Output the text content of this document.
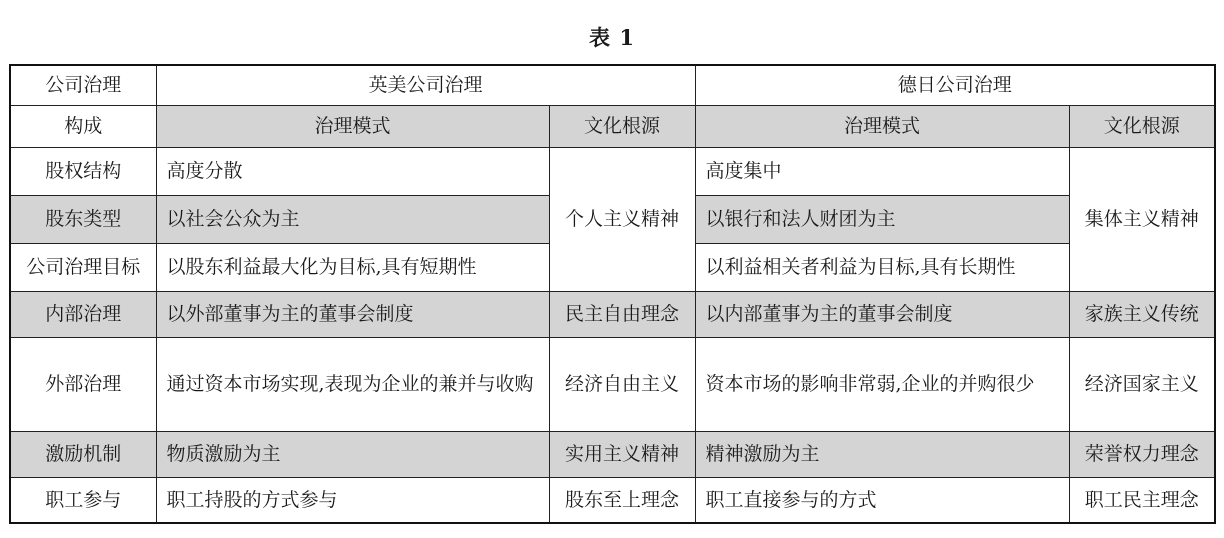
表 1
公司治理	英美公司治理		德日公司治理	
构成	治理模式	文化根源	治理模式	文化根源
股权结构	高度分散	个人主义精神	高度集中	集体主义精神
股东类型	以社会公众为主		以银行和法人财团为主	
公司治理目标	以股东利益最大化为目标,具有短期性		以利益相关者利益为目标,具有长期性	
内部治理	以外部董事为主的董事会制度	民主自由理念	以内部董事为主的董事会制度	家族主义传统
外部治理	通过资本市场实现,表现为企业的兼并与收购	经济自由主义	资本市场的影响非常弱,企业的并购很少	经济国家主义
激励机制	物质激励为主	实用主义精神	精神激励为主	荣誉权力理念
职工参与	职工持股的方式参与	股东至上理念	职工直接参与的方式	职工民主理念
